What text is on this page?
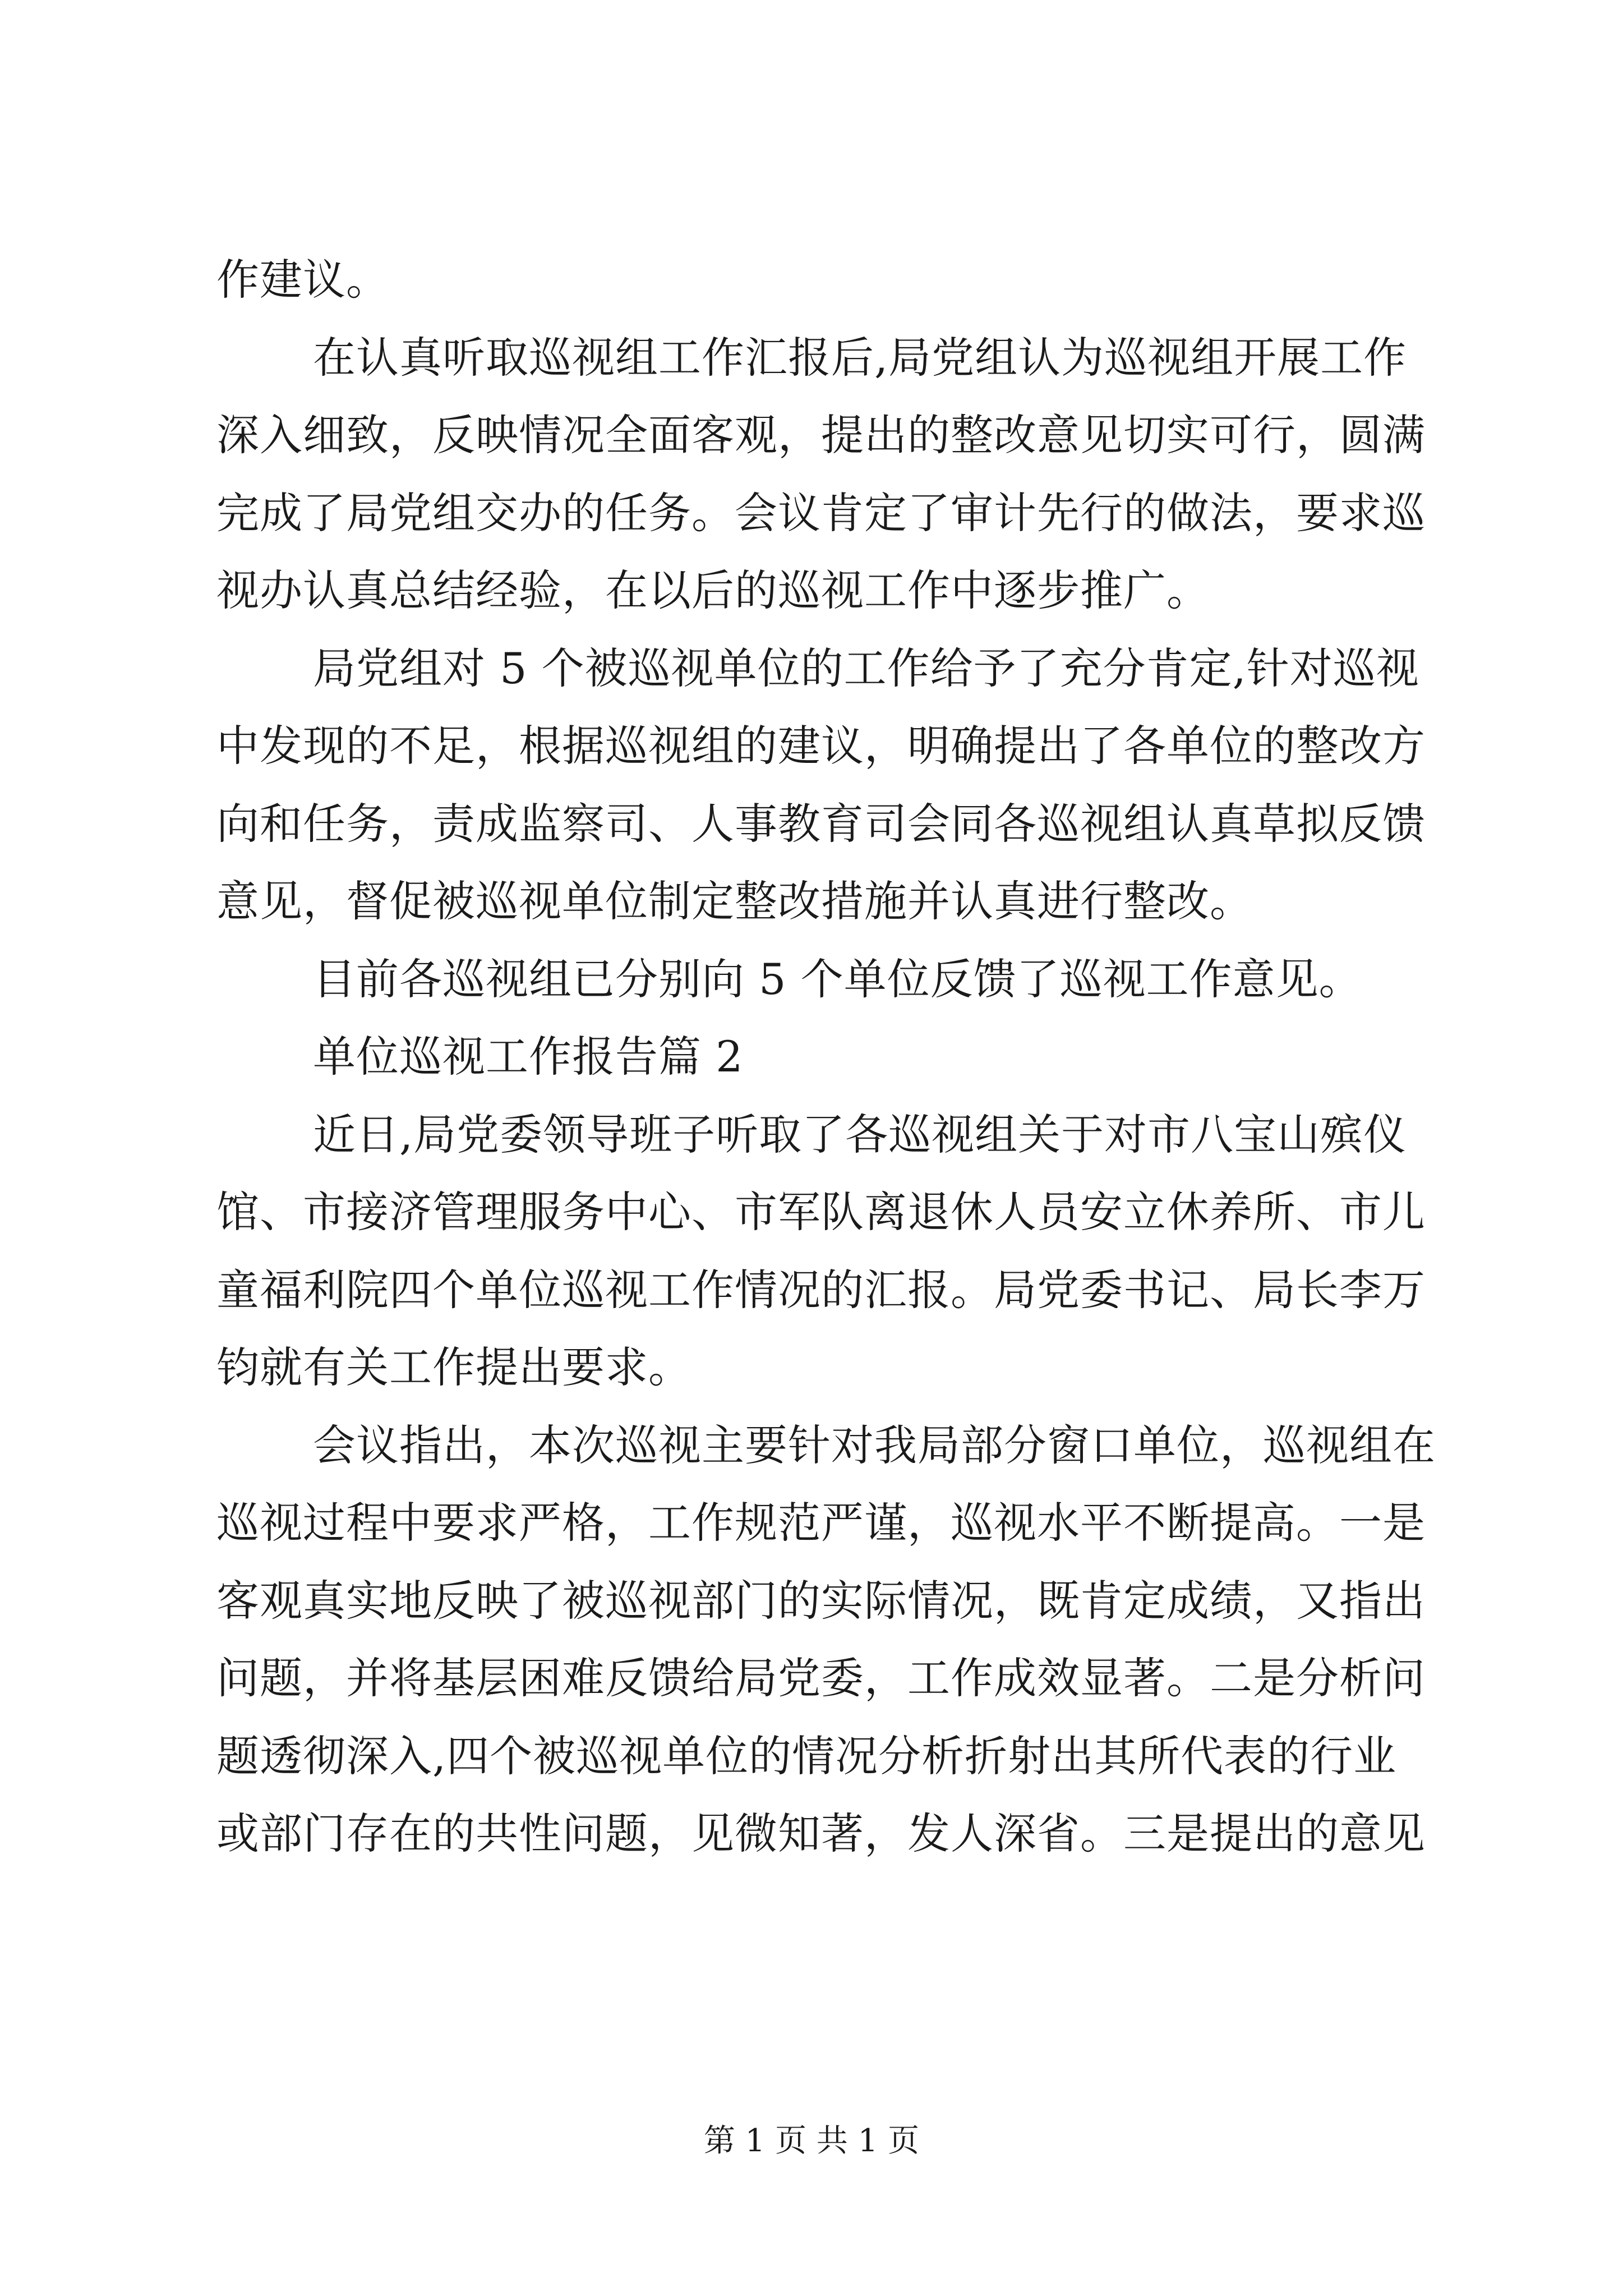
作建议。
在认真听取巡视组工作汇报后,局党组认为巡视组开展工作
深入细致，反映情况全面客观，提出的整改意见切实可行，圆满
完成了局党组交办的任务。会议肯定了审计先行的做法，要求巡
视办认真总结经验，在以后的巡视工作中逐步推广。
局党组对 5 个被巡视单位的工作给予了充分肯定,针对巡视
中发现的不足，根据巡视组的建议，明确提出了各单位的整改方
向和任务，责成监察司、人事教育司会同各巡视组认真草拟反馈
意见，督促被巡视单位制定整改措施并认真进行整改。
目前各巡视组已分别向 5 个单位反馈了巡视工作意见。
单位巡视工作报告篇 2
近日,局党委领导班子听取了各巡视组关于对市八宝山殡仪
馆、市接济管理服务中心、市军队离退休人员安立休养所、市儿
童福利院四个单位巡视工作情况的汇报。局党委书记、局长李万
钧就有关工作提出要求。
会议指出，本次巡视主要针对我局部分窗口单位，巡视组在
巡视过程中要求严格，工作规范严谨，巡视水平不断提高。一是
客观真实地反映了被巡视部门的实际情况，既肯定成绩，又指出
问题，并将基层困难反馈给局党委，工作成效显著。二是分析问
题透彻深入,四个被巡视单位的情况分析折射出其所代表的行业
或部门存在的共性问题，见微知著，发人深省。三是提出的意见
第 1 页 共 1 页
